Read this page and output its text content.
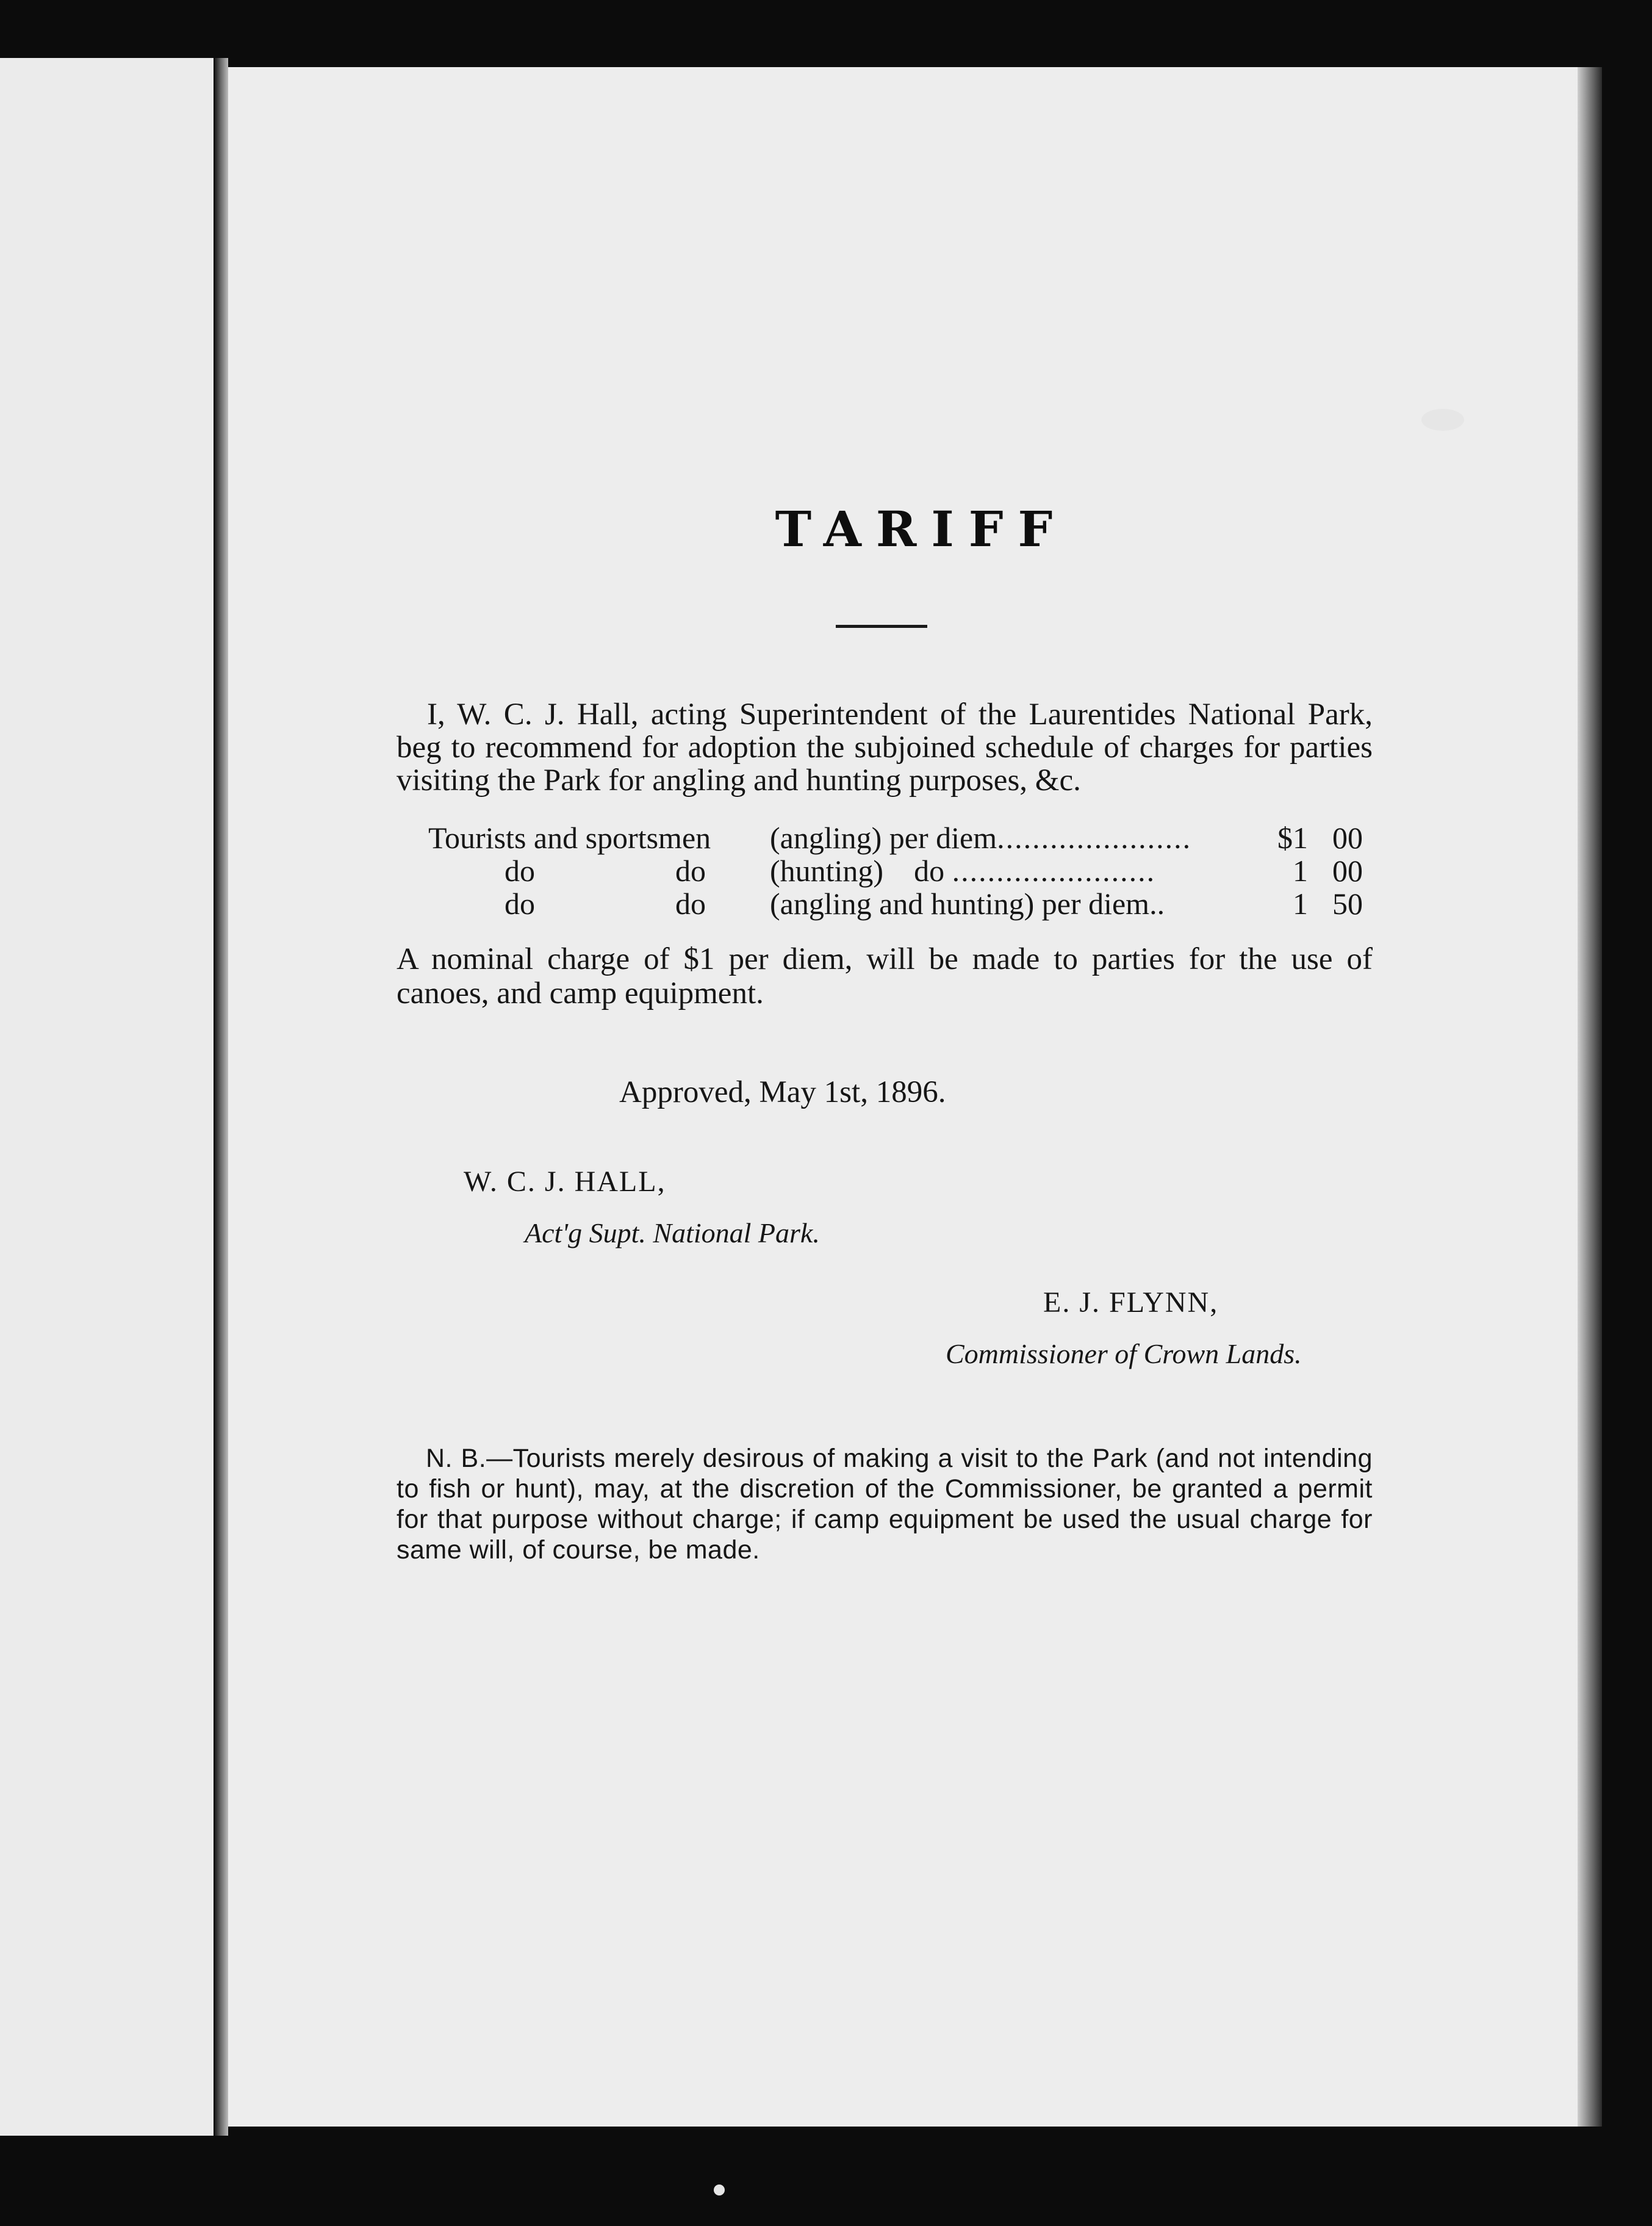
TARIFF
I, W. C. J. Hall, acting Superintendent of the Laurentides National Park, beg to recommend for adoption the subjoined schedule of charges for parties visiting the Park for angling and hunting purposes, &c.
Tourists and sportsmen		(angling) per diem......................	$1	00
do do		(hunting)    do .......................	1	00
do do		(angling and hunting) per diem..	1	50
A nominal charge of $1 per diem, will be made to parties for the use of canoes, and camp equipment.
Approved, May 1st, 1896.
W. C. J. HALL,
Act'g Supt. National Park.
E. J. FLYNN,
Commissioner of Crown Lands.
N. B.—Tourists merely desirous of making a visit to the Park (and not intending to fish or hunt), may, at the discretion of the Commissioner, be granted a permit for that purpose without charge; if camp equipment be used the usual charge for same will, of course, be made.
